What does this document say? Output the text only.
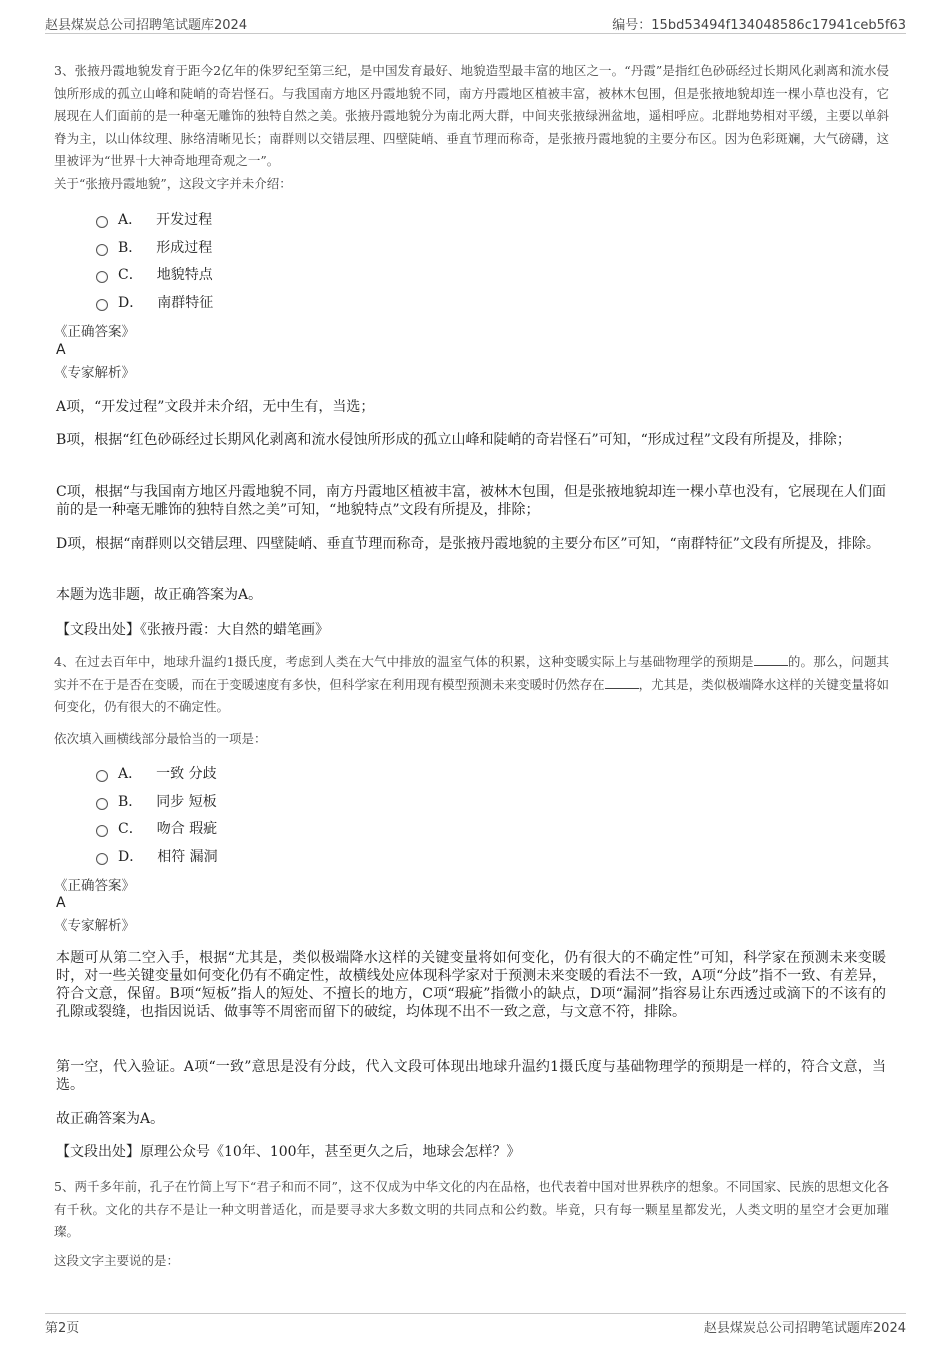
赵县煤炭总公司招聘笔试题库2024	编号：15bd53494f134048586c17941ceb5f63
3、张掖丹霞地貌发育于距今2亿年的侏罗纪至第三纪，是中国发育最好、地貌造型最丰富的地区之一。“丹霞”是指红色砂砾经过长期风化剥离和流水侵蚀所形成的孤立山峰和陡峭的奇岩怪石。与我国南方地区丹霞地貌不同，南方丹霞地区植被丰富，被林木包围，但是张掖地貌却连一棵小草也没有，它展现在人们面前的是一种毫无雕饰的独特自然之美。张掖丹霞地貌分为南北两大群，中间夹张掖绿洲盆地，遥相呼应。北群地势相对平缓，主要以单斜脊为主，以山体纹理、脉络清晰见长；南群则以交错层理、四壁陡峭、垂直节理而称奇，是张掖丹霞地貌的主要分布区。因为色彩斑斓，大气磅礴，这里被评为“世界十大神奇地理奇观之一”。
关于“张掖丹霞地貌”，这段文字并未介绍：
A． 开发过程
B． 形成过程
C． 地貌特点
D． 南群特征
《正确答案》
A
《专家解析》
A项，“开发过程”文段并未介绍，无中生有，当选；
B项，根据“红色砂砾经过长期风化剥离和流水侵蚀所形成的孤立山峰和陡峭的奇岩怪石”可知，“形成过程”文段有所提及，排除；
C项，根据“与我国南方地区丹霞地貌不同，南方丹霞地区植被丰富，被林木包围，但是张掖地貌却连一棵小草也没有，它展现在人们面前的是一种毫无雕饰的独特自然之美”可知，“地貌特点”文段有所提及，排除；
D项，根据“南群则以交错层理、四壁陡峭、垂直节理而称奇，是张掖丹霞地貌的主要分布区”可知，“南群特征”文段有所提及，排除。
本题为选非题，故正确答案为A。
【文段出处】《张掖丹霞：大自然的蜡笔画》
4、在过去百年中，地球升温约1摄氏度，考虑到人类在大气中排放的温室气体的积累，这种变暖实际上与基础物理学的预期是	的。那么，问题其实并不在于是否在变暖，而在于变暖速度有多快，但科学家在利用现有模型预测未来变暖时仍然存在	，尤其是，类似极端降水这样的关键变量将如何变化，仍有很大的不确定性。
依次填入画横线部分最恰当的一项是：
A． 一致 分歧
B． 同步 短板
C． 吻合 瑕疵
D． 相符 漏洞
《正确答案》
A
《专家解析》
本题可从第二空入手，根据“尤其是，类似极端降水这样的关键变量将如何变化，仍有很大的不确定性”可知，科学家在预测未来变暖时，对一些关键变量如何变化仍有不确定性，故横线处应体现科学家对于预测未来变暖的看法不一致，A项“分歧”指不一致、有差异，符合文意，保留。B项“短板”指人的短处、不擅长的地方，C项“瑕疵”指微小的缺点，D项“漏洞”指容易让东西透过或滴下的不该有的孔隙或裂缝，也指因说话、做事等不周密而留下的破绽，均体现不出不一致之意，与文意不符，排除。
第一空，代入验证。A项“一致”意思是没有分歧，代入文段可体现出地球升温约1摄氏度与基础物理学的预期是一样的，符合文意，当选。
故正确答案为A。
【文段出处】原理公众号《10年、100年，甚至更久之后，地球会怎样？》
5、两千多年前，孔子在竹简上写下“君子和而不同”，这不仅成为中华文化的内在品格，也代表着中国对世界秩序的想象。不同国家、民族的思想文化各有千秋。文化的共存不是让一种文明普适化，而是要寻求大多数文明的共同点和公约数。毕竟，只有每一颗星星都发光，人类文明的星空才会更加璀璨。
这段文字主要说的是：
第2页	赵县煤炭总公司招聘笔试题库2024
